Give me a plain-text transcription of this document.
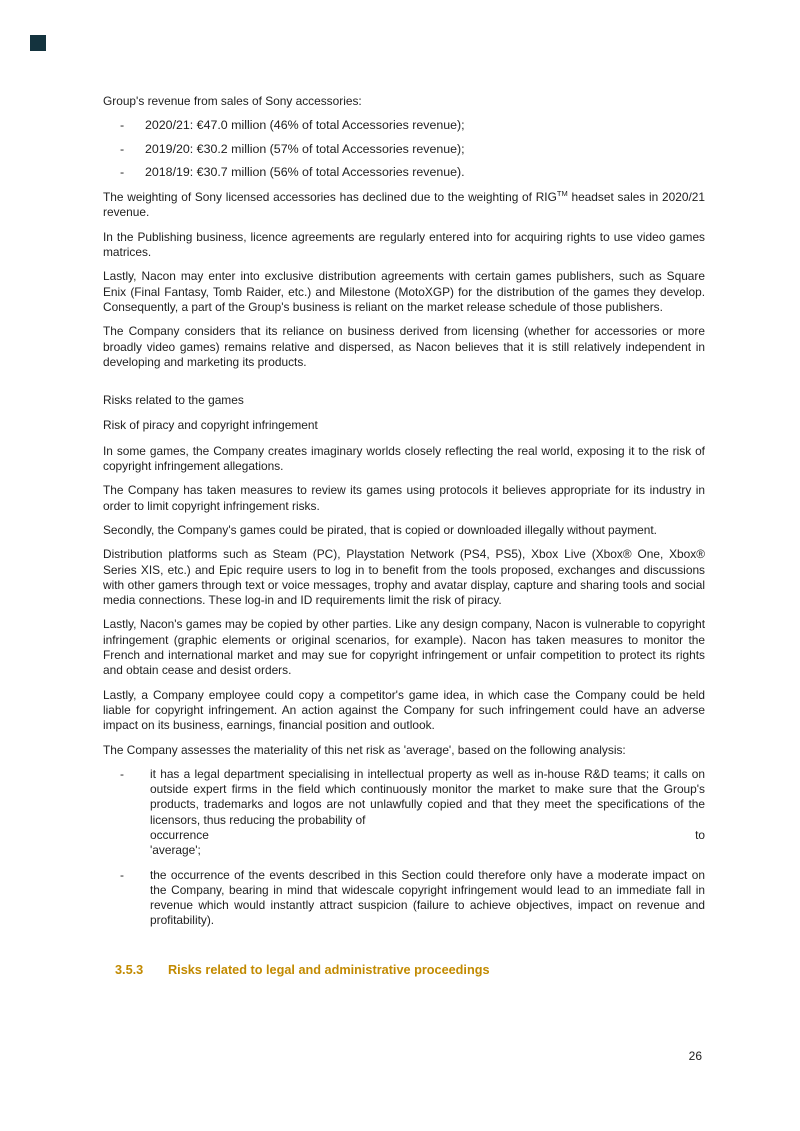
Group's revenue from sales of Sony accessories:

-	2020/21: €47.0 million (46% of total Accessories revenue);
-	2019/20: €30.2 million (57% of total Accessories revenue);
-	2018/19: €30.7 million (56% of total Accessories revenue).

The weighting of Sony licensed accessories has declined due to the weighting of RIG™ headset sales in 2020/21 revenue.

In the Publishing business, licence agreements are regularly entered into for acquiring rights to use video games matrices.

Lastly, Nacon may enter into exclusive distribution agreements with certain games publishers, such as Square Enix (Final Fantasy, Tomb Raider, etc.) and Milestone (MotoXGP) for the distribution of the games they develop. Consequently, a part of the Group's business is reliant on the market release schedule of those publishers.

The Company considers that its reliance on business derived from licensing (whether for accessories or more broadly video games) remains relative and dispersed, as Nacon believes that it is still relatively independent in developing and marketing its products.

Risks related to the games

Risk of piracy and copyright infringement

In some games, the Company creates imaginary worlds closely reflecting the real world, exposing it to the risk of copyright infringement allegations.

The Company has taken measures to review its games using protocols it believes appropriate for its industry in order to limit copyright infringement risks.

Secondly, the Company's games could be pirated, that is copied or downloaded illegally without payment.

Distribution platforms such as Steam (PC), Playstation Network (PS4, PS5), Xbox Live (Xbox® One, Xbox® Series XIS, etc.) and Epic require users to log in to benefit from the tools proposed, exchanges and discussions with other gamers through text or voice messages, trophy and avatar display, capture and sharing tools and social media connections. These log-in and ID requirements limit the risk of piracy.

Lastly, Nacon's games may be copied by other parties. Like any design company, Nacon is vulnerable to copyright infringement (graphic elements or original scenarios, for example). Nacon has taken measures to monitor the French and international market and may sue for copyright infringement or unfair competition to protect its rights and obtain cease and desist orders.

Lastly, a Company employee could copy a competitor's game idea, in which case the Company could be held liable for copyright infringement. An action against the Company for such infringement could have an adverse impact on its business, earnings, financial position and outlook.

The Company assesses the materiality of this net risk as 'average', based on the following analysis:

-	it has a legal department specialising in intellectual property as well as in-house R&D teams; it calls on outside expert firms in the field which continuously monitor the market to make sure that the Group's products, trademarks and logos are not unlawfully copied and that they meet the specifications of the licensors, thus reducing the probability of
occurrence	to
'average';
-	the occurrence of the events described in this Section could therefore only have a moderate impact on the Company, bearing in mind that widescale copyright infringement would lead to an immediate fall in revenue which would instantly attract suspicion (failure to achieve objectives, impact on revenue and profitability).
3.5.3	Risks related to legal and administrative proceedings
26
